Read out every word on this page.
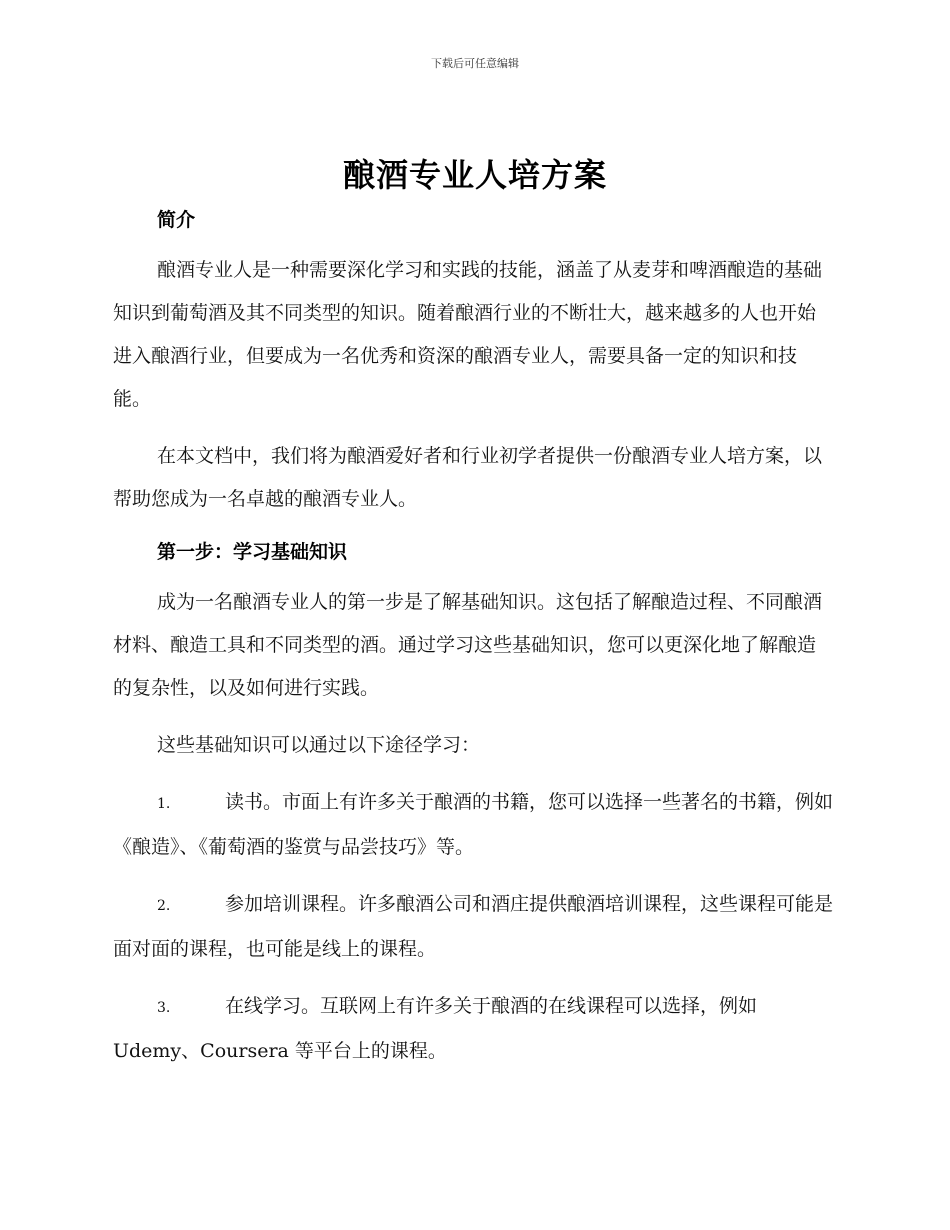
下载后可任意编辑
酿酒专业人培方案
简介

酿酒专业人是一种需要深化学习和实践的技能，涵盖了从麦芽和啤酒酿造的基础知识到葡萄酒及其不同类型的知识。随着酿酒行业的不断壮大，越来越多的人也开始进入酿酒行业，但要成为一名优秀和资深的酿酒专业人，需要具备一定的知识和技能。

在本文档中，我们将为酿酒爱好者和行业初学者提供一份酿酒专业人培方案，以帮助您成为一名卓越的酿酒专业人。

第一步：学习基础知识

成为一名酿酒专业人的第一步是了解基础知识。这包括了解酿造过程、不同酿酒材料、酿造工具和不同类型的酒。通过学习这些基础知识，您可以更深化地了解酿造的复杂性，以及如何进行实践。

这些基础知识可以通过以下途径学习：

1.	读书。市面上有许多关于酿酒的书籍，您可以选择一些著名的书籍，例如《酿造》、《葡萄酒的鉴赏与品尝技巧》等。

2.	参加培训课程。许多酿酒公司和酒庄提供酿酒培训课程，这些课程可能是面对面的课程，也可能是线上的课程。

3.	在线学习。互联网上有许多关于酿酒的在线课程可以选择，例如 Udemy、Coursera 等平台上的课程。
